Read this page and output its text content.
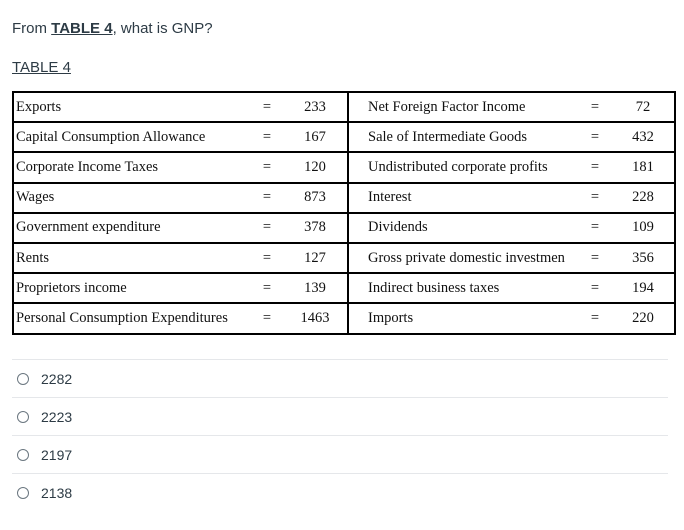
From TABLE 4, what is GNP?
TABLE 4
Exports	=	233	Net Foreign Factor Income	=	72
Capital Consumption Allowance	=	167	Sale of Intermediate Goods	=	432
Corporate Income Taxes	=	120	Undistributed corporate profits	=	181
Wages	=	873	Interest	=	228
Government expenditure	=	378	Dividends	=	109
Rents	=	127	Gross private domestic investmen	=	356
Proprietors income	=	139	Indirect business taxes	=	194
Personal Consumption Expenditures	=	1463	Imports	=	220
2282
2223
2197
2138
